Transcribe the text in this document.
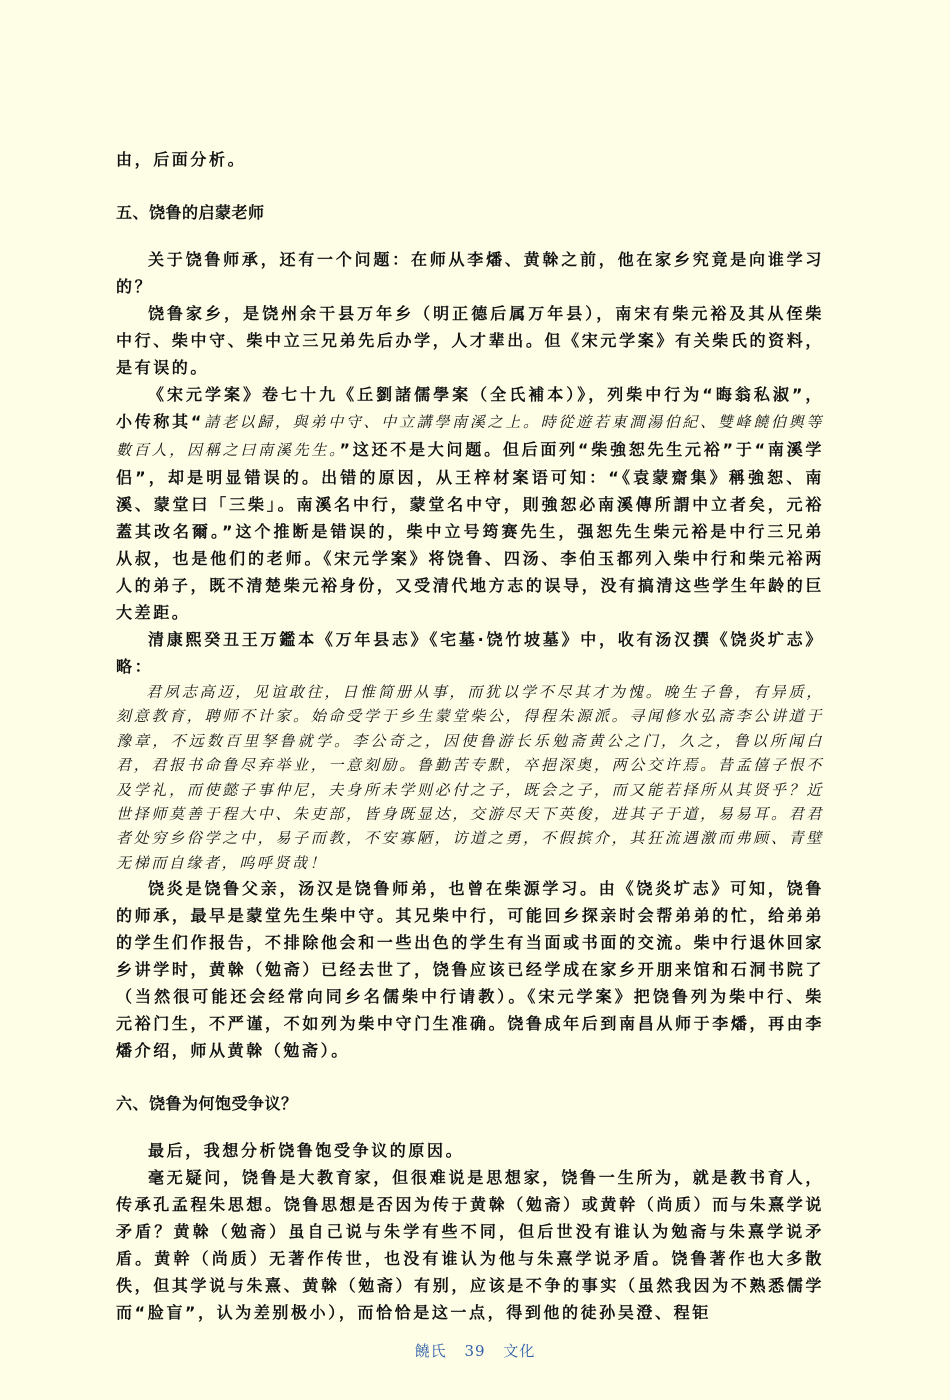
由，后面分析。

五、饶鲁的启蒙老师

关于饶鲁师承，还有一个问题：在师从李燔、黄榦之前，他在家乡究竟是向谁学习的？

饶鲁家乡，是饶州余干县万年乡（明正德后属万年县），南宋有柴元裕及其从侄柴中行、柴中守、柴中立三兄弟先后办学，人才辈出。但《宋元学案》有关柴氏的资料，是有误的。

《宋元学案》卷七十九《丘劉諸儒學案（全氏補本）》，列柴中行为“晦翁私淑”，小传称其“請老以歸，與弟中守、中立講學南溪之上。時從遊若東澗湯伯紀、雙峰饒伯輿等數百人，因稱之曰南溪先生。”这还不是大问题。但后面列“柴強恕先生元裕”于“南溪学侣”，却是明显错误的。出错的原因，从王梓材案语可知：“《袁蒙齋集》稱強恕、南溪、蒙堂曰「三柴」。南溪名中行，蒙堂名中守，則強恕必南溪傳所謂中立者矣，元裕蓋其改名爾。”这个推断是错误的，柴中立号筠赛先生，强恕先生柴元裕是中行三兄弟从叔，也是他们的老师。《宋元学案》将饶鲁、四汤、李伯玉都列入柴中行和柴元裕两人的弟子，既不清楚柴元裕身份，又受清代地方志的误导，没有搞清这些学生年龄的巨大差距。

清康熙癸丑王万鑑本《万年县志》《宅墓·饶竹坡墓》中，收有汤汉撰《饶炎圹志》略：

君夙志高迈，见谊敢往，日惟简册从事，而犹以学不尽其才为愧。晚生子鲁，有异质，刻意教育，聘师不计家。始命受学于乡生蒙堂柴公，得程朱源派。寻闻修水弘斋李公讲道于豫章，不远数百里孥鲁就学。李公奇之，因使鲁游长乐勉斋黄公之门，久之，鲁以所闻白君，君报书命鲁尽弃举业，一意刻励。鲁勤苦专默，卒挹深奥，两公交许焉。昔孟僖子恨不及学礼，而使懿子事仲尼，夫身所未学则必付之子，既会之子，而又能若择所从其贤乎？近世择师莫善于程大中、朱吏部，皆身既显达，交游尽天下英俊，进其子于道，易易耳。君君者处穷乡俗学之中，易子而教，不安寡陋，访道之勇，不假摈介，其狂流遇激而弗顾、青壁无梯而自缘者，呜呼贤哉！

饶炎是饶鲁父亲，汤汉是饶鲁师弟，也曾在柴源学习。由《饶炎圹志》可知，饶鲁的师承，最早是蒙堂先生柴中守。其兄柴中行，可能回乡探亲时会帮弟弟的忙，给弟弟的学生们作报告，不排除他会和一些出色的学生有当面或书面的交流。柴中行退休回家乡讲学时，黄榦（勉斋）已经去世了，饶鲁应该已经学成在家乡开朋来馆和石洞书院了（当然很可能还会经常向同乡名儒柴中行请教）。《宋元学案》把饶鲁列为柴中行、柴元裕门生，不严谨，不如列为柴中守门生准确。饶鲁成年后到南昌从师于李燔，再由李燔介绍，师从黄榦（勉斋）。

六、饶鲁为何饱受争议？

最后，我想分析饶鲁饱受争议的原因。

毫无疑问，饶鲁是大教育家，但很难说是思想家，饶鲁一生所为，就是教书育人，传承孔孟程朱思想。饶鲁思想是否因为传于黄榦（勉斋）或黄幹（尚质）而与朱熹学说矛盾？黄榦（勉斋）虽自己说与朱学有些不同，但后世没有谁认为勉斋与朱熹学说矛盾。黄幹（尚质）无著作传世，也没有谁认为他与朱熹学说矛盾。饶鲁著作也大多散佚，但其学说与朱熹、黄榦（勉斋）有别，应该是不争的事实（虽然我因为不熟悉儒学而“脸盲”，认为差别极小），而恰恰是这一点，得到他的徒孙吴澄、程钜

饒氏 39 文化
